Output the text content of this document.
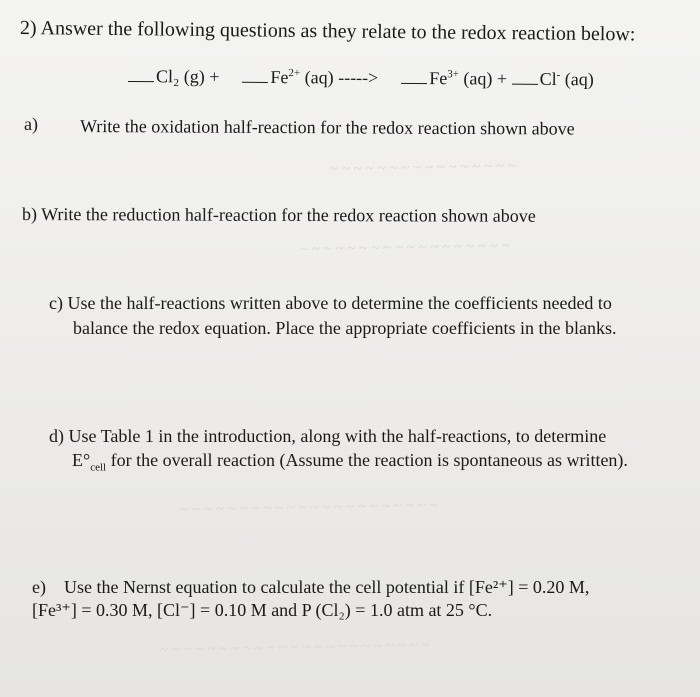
~ ~ ~ ~ ~ ~ ~ ~ ~ ~ ~ ~ ~ ~ ~ ~
~ ~ ~ ~ ~ ~ ~ ~ ~ ~ ~ ~ ~ ~ ~ ~ ~ ~
~ ~ ~ ~ ~ ~ ~ ~ ~ ~ ~ ~ ~ ~ ~ ~ ~ ~ ~ ~ ~ ~
~ ~ ~ ~ ~ ~ ~ ~ ~ ~ ~ ~ ~ ~ ~ ~ ~ ~ ~ ~ ~ ~ ~
2) Answer the following questions as they relate to the redox reaction below:
Cl₂ (g) +	$Fe^{2+}$ (aq) ----->	$Fe^{3+}$ (aq) + Cl- (aq)
a) Write the oxidation half-reaction for the redox reaction shown above
b) Write the reduction half-reaction for the redox reaction shown above
c) Use the half-reactions written above to determine the coefficients needed to
balance the redox equation. Place the appropriate coefficients in the blanks.
d) Use Table 1 in the introduction, along with the half-reactions, to determine
$E^\circ_{cell}$ for the overall reaction (Assume the reaction is spontaneous as written).
e) Use the Nernst equation to calculate the cell potential if [Fe²⁺] = 0.20 M,
[Fe³⁺] = 0.30 M, [Cl⁻] = 0.10 M and P (Cl₂) = 1.0 atm at 25 °C.
